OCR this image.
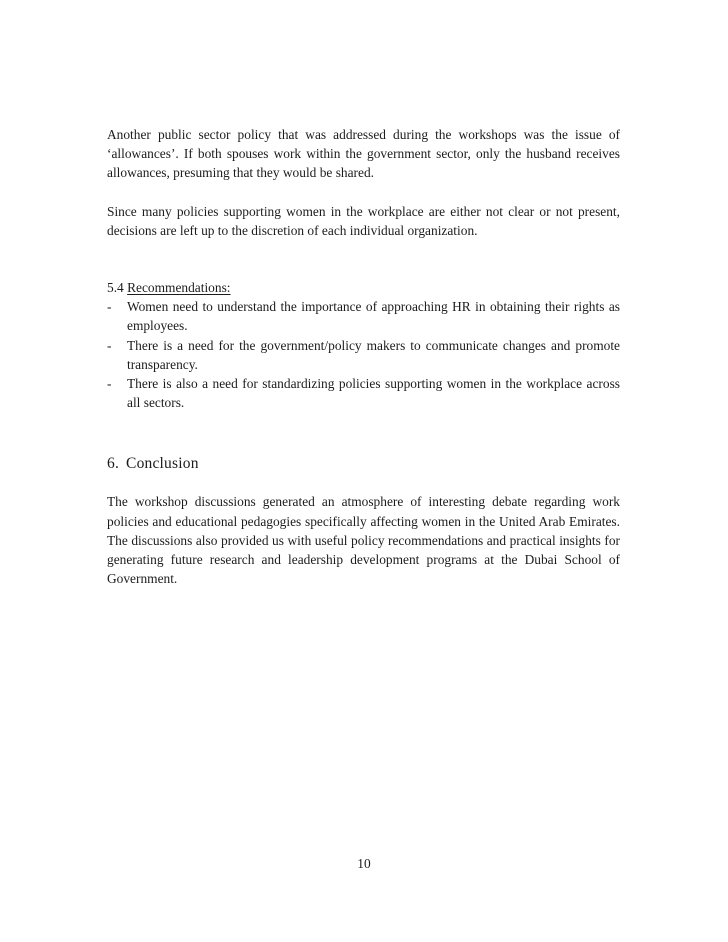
Another public sector policy that was addressed during the workshops was the issue of ‘allowances’. If both spouses work within the government sector, only the husband receives allowances, presuming that they would be shared.

Since many policies supporting women in the workplace are either not clear or not present, decisions are left up to the discretion of each individual organization.

5.4 Recommendations:
- Women need to understand the importance of approaching HR in obtaining their rights as employees.
- There is a need for the government/policy makers to communicate changes and promote transparency.
- There is also a need for standardizing policies supporting women in the workplace across all sectors.
6. Conclusion

The workshop discussions generated an atmosphere of interesting debate regarding work policies and educational pedagogies specifically affecting women in the United Arab Emirates. The discussions also provided us with useful policy recommendations and practical insights for generating future research and leadership development programs at the Dubai School of Government.

10
